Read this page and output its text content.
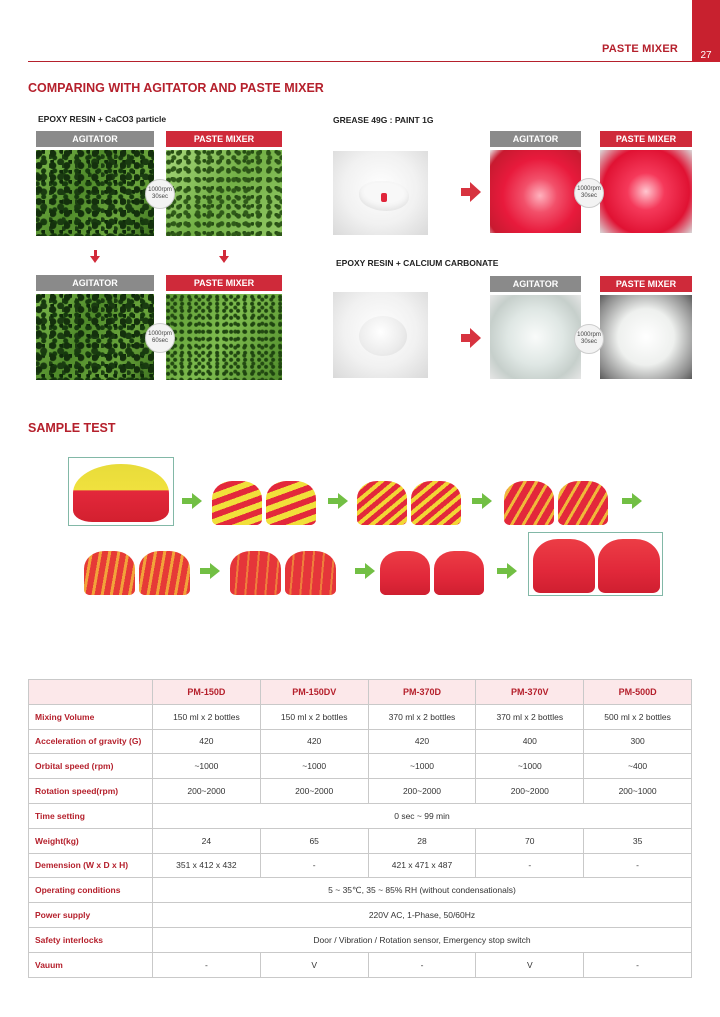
27
PASTE MIXER
COMPARING WITH AGITATOR AND PASTE MIXER
EPOXY RESIN + CaCO3 particle
AGITATOR	PASTE MIXER
1000rpm
30sec
AGITATOR	PASTE MIXER
1000rpm
60sec
GREASE 49G : PAINT 1G
AGITATOR	PASTE MIXER
1000rpm
30sec
EPOXY RESIN + CALCIUM CARBONATE
AGITATOR	PASTE MIXER
1000rpm
30sec
SAMPLE TEST
	PM-150D	PM-150DV	PM-370D	PM-370V	PM-500D
Mixing Volume	150 ml x 2 bottles	150 ml x 2 bottles	370 ml x 2 bottles	370 ml x 2 bottles	500 ml x 2 bottles
Acceleration of gravity (G)	420	420	420	400	300
Orbital speed (rpm)	~1000	~1000	~1000	~1000	~400
Rotation speed(rpm)	200~2000	200~2000	200~2000	200~2000	200~1000
Time setting	0 sec ~ 99 min				
Weight(kg)	24	65	28	70	35
Demension (W x D x H)	351 x 412 x 432	-	421 x 471 x 487	-	-
Operating conditions	5 ~ 35℃, 35 ~ 85% RH (without condensationals)				
Power supply	220V AC, 1-Phase, 50/60Hz				
Safety interlocks	Door / Vibration / Rotation sensor, Emergency stop switch				
Vauum	-	V	-	V	-
